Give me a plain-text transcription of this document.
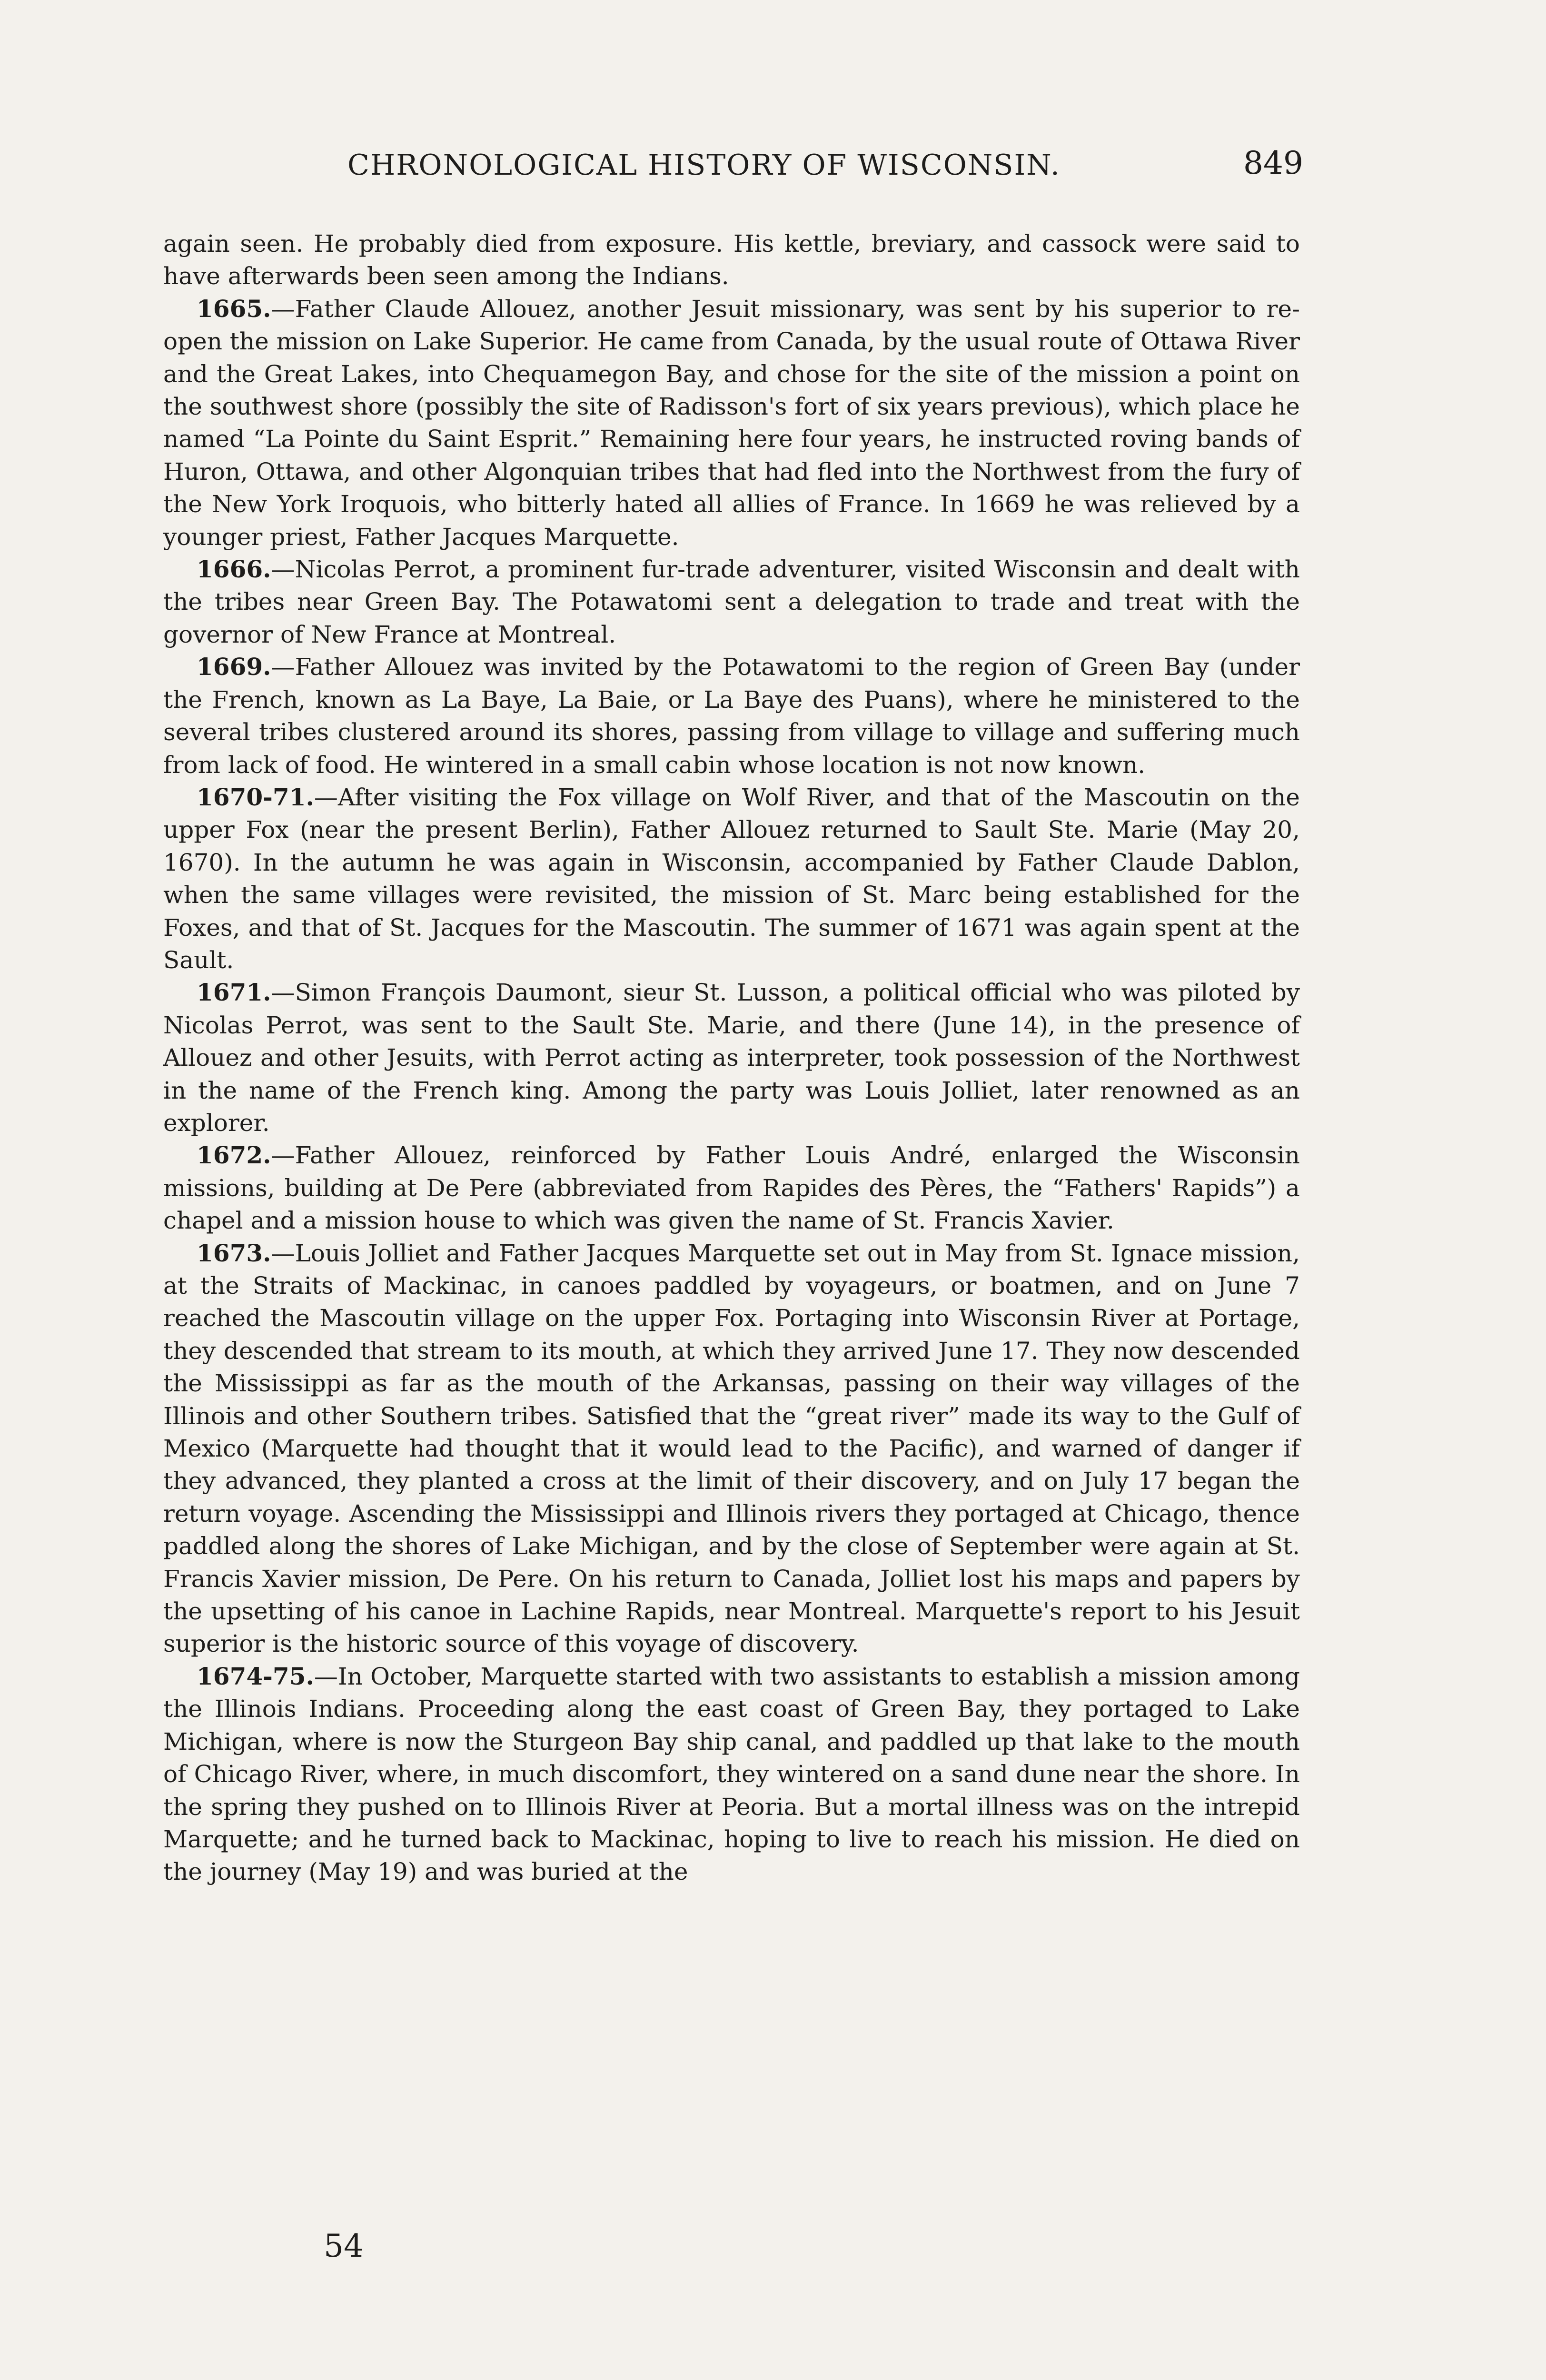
CHRONOLOGICAL HISTORY OF WISCONSIN.	849

again seen. He probably died from exposure. His kettle, breviary, and cassock were said to have afterwards been seen among the Indians.

1665.—Father Claude Allouez, another Jesuit missionary, was sent by his superior to re-open the mission on Lake Superior. He came from Canada, by the usual route of Ottawa River and the Great Lakes, into Chequamegon Bay, and chose for the site of the mission a point on the southwest shore (possibly the site of Radisson's fort of six years previous), which place he named “La Pointe du Saint Esprit.” Remaining here four years, he instructed roving bands of Huron, Ottawa, and other Algonquian tribes that had fled into the Northwest from the fury of the New York Iroquois, who bitterly hated all allies of France. In 1669 he was relieved by a younger priest, Father Jacques Marquette.

1666.—Nicolas Perrot, a prominent fur-trade adventurer, visited Wisconsin and dealt with the tribes near Green Bay. The Potawatomi sent a delegation to trade and treat with the governor of New France at Montreal.

1669.—Father Allouez was invited by the Potawatomi to the region of Green Bay (under the French, known as La Baye, La Baie, or La Baye des Puans), where he ministered to the several tribes clustered around its shores, passing from village to village and suffering much from lack of food. He wintered in a small cabin whose location is not now known.

1670-71.—After visiting the Fox village on Wolf River, and that of the Mascoutin on the upper Fox (near the present Berlin), Father Allouez returned to Sault Ste. Marie (May 20, 1670). In the autumn he was again in Wisconsin, accompanied by Father Claude Dablon, when the same villages were revisited, the mission of St. Marc being established for the Foxes, and that of St. Jacques for the Mascoutin. The summer of 1671 was again spent at the Sault.

1671.—Simon François Daumont, sieur St. Lusson, a political official who was piloted by Nicolas Perrot, was sent to the Sault Ste. Marie, and there (June 14), in the presence of Allouez and other Jesuits, with Perrot acting as interpreter, took possession of the Northwest in the name of the French king. Among the party was Louis Jolliet, later renowned as an explorer.

1672.—Father Allouez, reinforced by Father Louis André, enlarged the Wisconsin missions, building at De Pere (abbreviated from Rapides des Pères, the “Fathers' Rapids”) a chapel and a mission house to which was given the name of St. Francis Xavier.

1673.—Louis Jolliet and Father Jacques Marquette set out in May from St. Ignace mission, at the Straits of Mackinac, in canoes paddled by voyageurs, or boatmen, and on June 7 reached the Mascoutin village on the upper Fox. Portaging into Wisconsin River at Portage, they descended that stream to its mouth, at which they arrived June 17. They now descended the Mississippi as far as the mouth of the Arkansas, passing on their way villages of the Illinois and other Southern tribes. Satisfied that the “great river” made its way to the Gulf of Mexico (Marquette had thought that it would lead to the Pacific), and warned of danger if they advanced, they planted a cross at the limit of their discovery, and on July 17 began the return voyage. Ascending the Mississippi and Illinois rivers they portaged at Chicago, thence paddled along the shores of Lake Michigan, and by the close of September were again at St. Francis Xavier mission, De Pere. On his return to Canada, Jolliet lost his maps and papers by the upsetting of his canoe in Lachine Rapids, near Montreal. Marquette's report to his Jesuit superior is the historic source of this voyage of discovery.

1674-75.—In October, Marquette started with two assistants to establish a mission among the Illinois Indians. Proceeding along the east coast of Green Bay, they portaged to Lake Michigan, where is now the Sturgeon Bay ship canal, and paddled up that lake to the mouth of Chicago River, where, in much discomfort, they wintered on a sand dune near the shore. In the spring they pushed on to Illinois River at Peoria. But a mortal illness was on the intrepid Marquette; and he turned back to Mackinac, hoping to live to reach his mission. He died on the journey (May 19) and was buried at the

54
